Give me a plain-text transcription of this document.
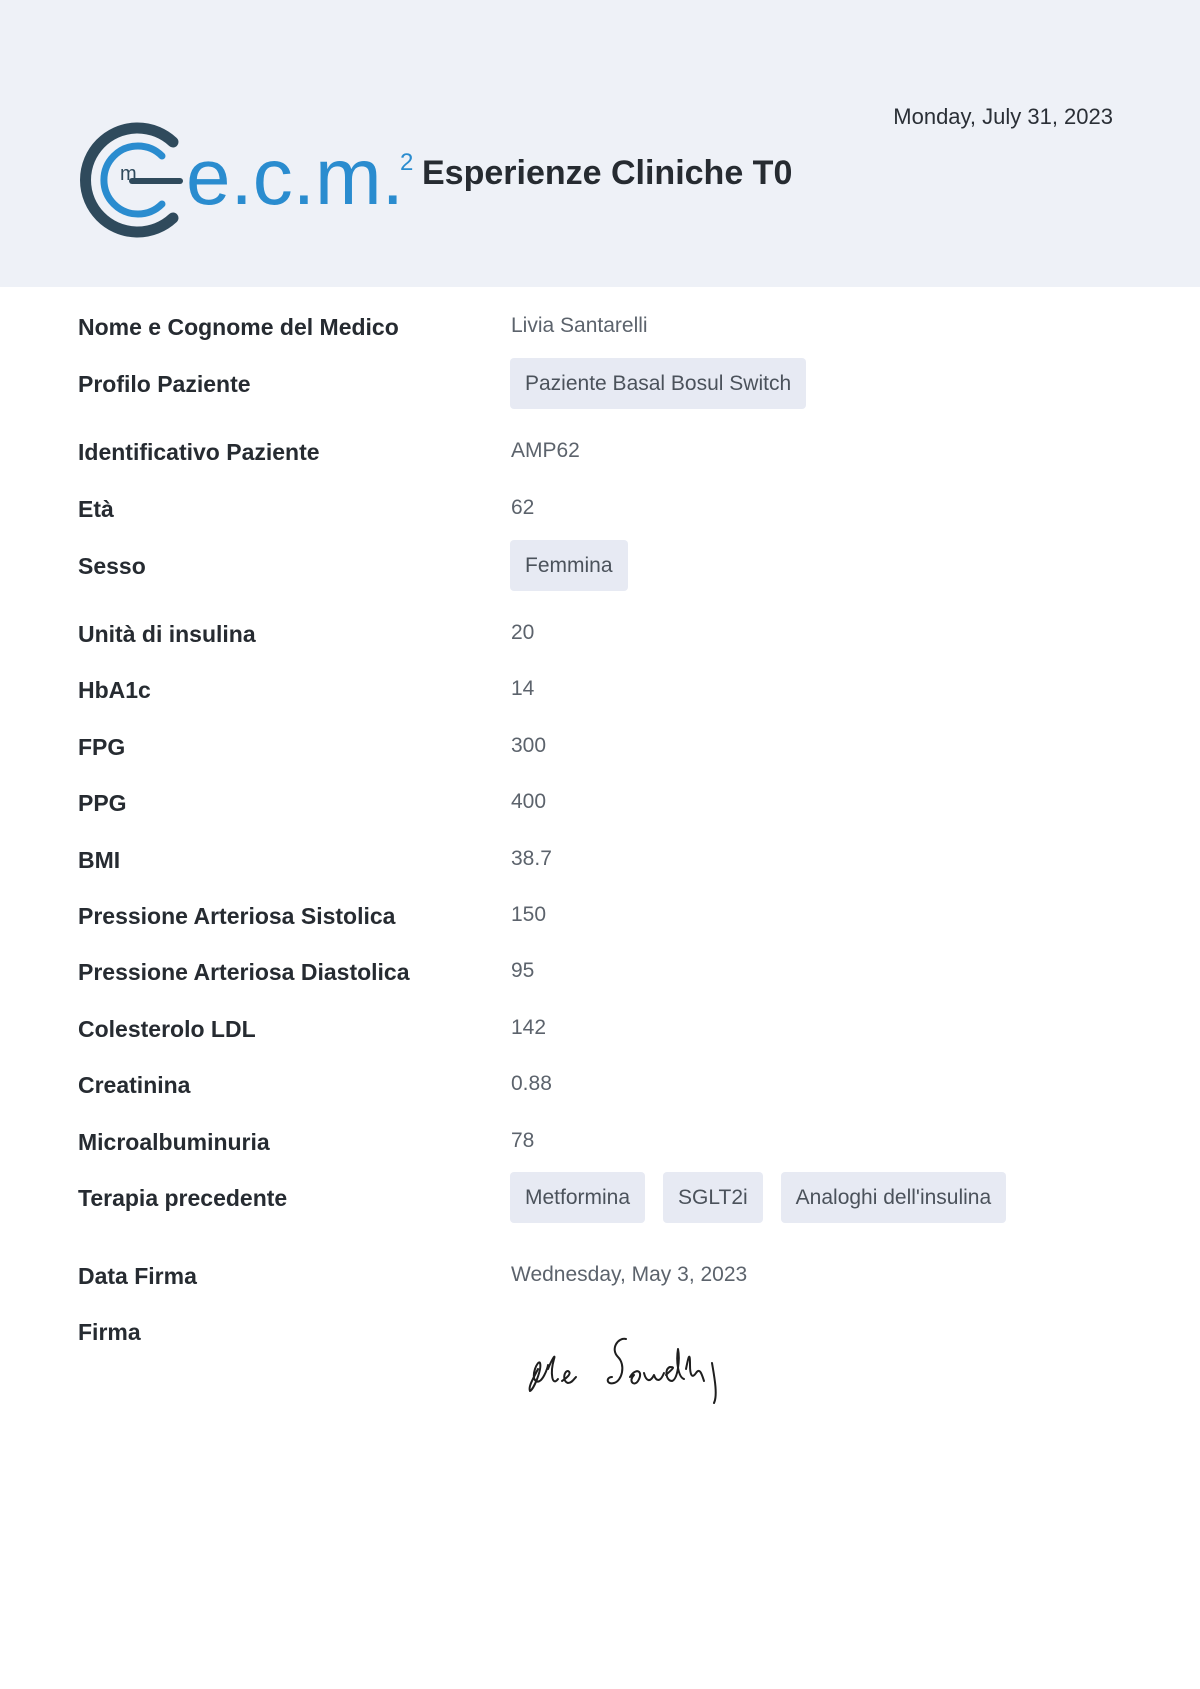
m e.c.m.
2 Esperienze Cliniche T0
Monday, July 31, 2023
Nome e Cognome del Medico	Livia Santarelli
Profilo Paziente	Paziente Basal Bosul Switch
Identificativo Paziente	AMP62
Età	62
Sesso	Femmina
Unità di insulina	20
HbA1c	14
FPG	300
PPG	400
BMI	38.7
Pressione Arteriosa Sistolica	150
Pressione Arteriosa Diastolica	95
Colesterolo LDL	142
Creatinina	0.88
Microalbuminuria	78
Terapia precedente	Metformina	SGLT2i	Analoghi dell'insulina
Data Firma	Wednesday, May 3, 2023
Firma
